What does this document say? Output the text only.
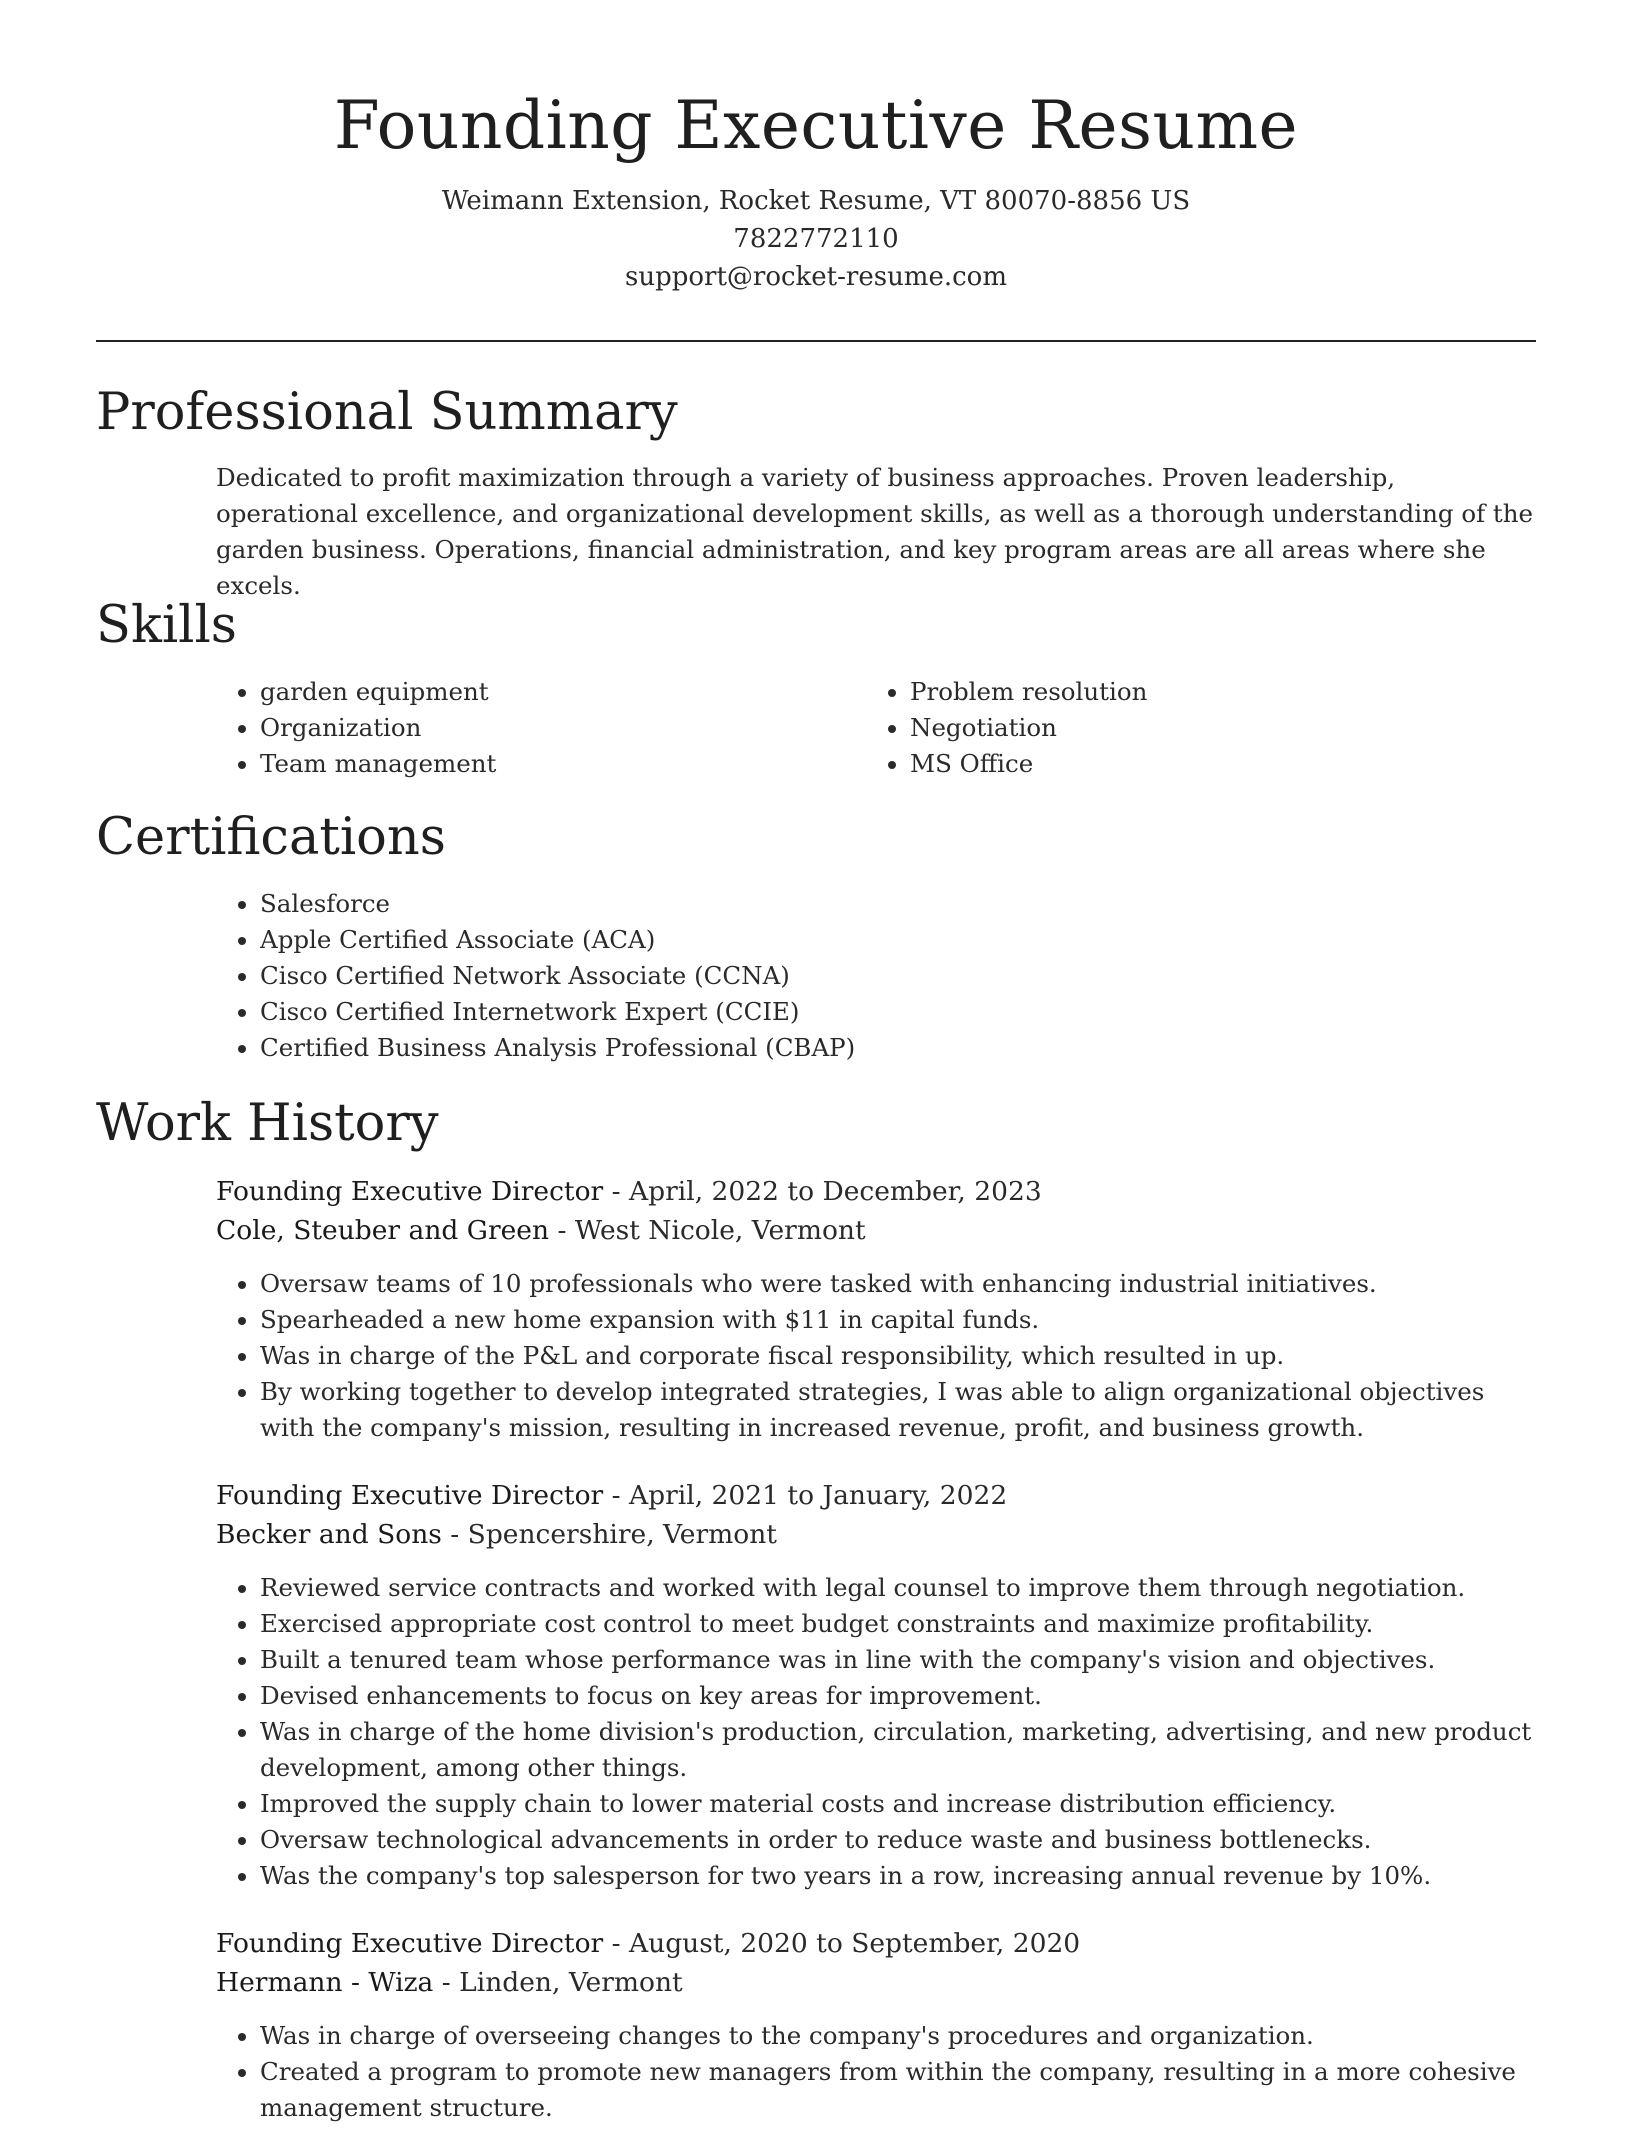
Founding Executive Resume
Weimann Extension, Rocket Resume, VT 80070-8856 US
7822772110
support@rocket-resume.com
Professional Summary
Dedicated to profit maximization through a variety of business approaches. Proven leadership, operational excellence, and organizational development skills, as well as a thorough understanding of the garden business. Operations, financial administration, and key program areas are all areas where she excels.
Skills
• garden equipment
• Organization
• Team management
• Problem resolution
• Negotiation
• MS Office
Certifications
• Salesforce
• Apple Certified Associate (ACA)
• Cisco Certified Network Associate (CCNA)
• Cisco Certified Internetwork Expert (CCIE)
• Certified Business Analysis Professional (CBAP)
Work History
Founding Executive Director - April, 2022 to December, 2023
Cole, Steuber and Green - West Nicole, Vermont
• Oversaw teams of 10 professionals who were tasked with enhancing industrial initiatives.
• Spearheaded a new home expansion with $11 in capital funds.
• Was in charge of the P&L and corporate fiscal responsibility, which resulted in up.
• By working together to develop integrated strategies, I was able to align organizational objectives with the company's mission, resulting in increased revenue, profit, and business growth.
Founding Executive Director - April, 2021 to January, 2022
Becker and Sons - Spencershire, Vermont
• Reviewed service contracts and worked with legal counsel to improve them through negotiation.
• Exercised appropriate cost control to meet budget constraints and maximize profitability.
• Built a tenured team whose performance was in line with the company's vision and objectives.
• Devised enhancements to focus on key areas for improvement.
• Was in charge of the home division's production, circulation, marketing, advertising, and new product development, among other things.
• Improved the supply chain to lower material costs and increase distribution efficiency.
• Oversaw technological advancements in order to reduce waste and business bottlenecks.
• Was the company's top salesperson for two years in a row, increasing annual revenue by 10%.
Founding Executive Director - August, 2020 to September, 2020
Hermann - Wiza - Linden, Vermont
• Was in charge of overseeing changes to the company's procedures and organization.
• Created a program to promote new managers from within the company, resulting in a more cohesive management structure.
